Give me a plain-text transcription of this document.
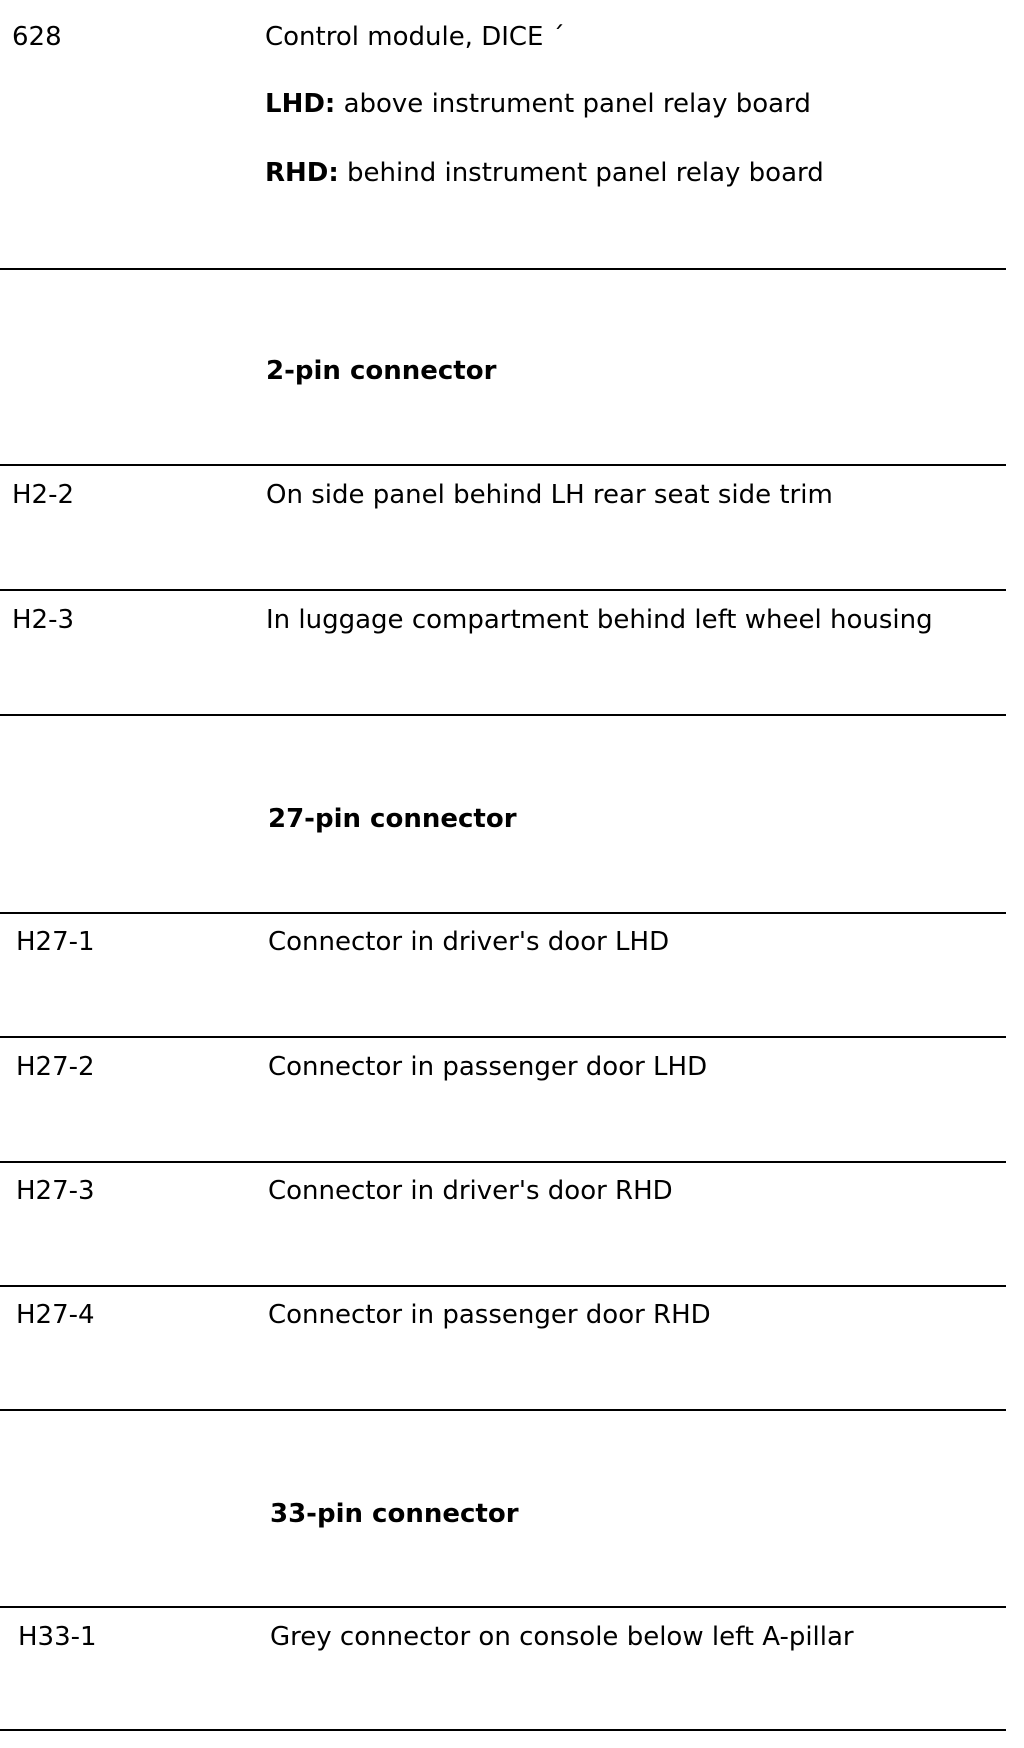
628	Control module, DICE ˊ
LHD: above instrument panel relay board
RHD: behind instrument panel relay board
2-pin connector
H2-2	On side panel behind LH rear seat side trim
H2-3	In luggage compartment behind left wheel housing
27-pin connector
H27-1	Connector in driver's door LHD
H27-2	Connector in passenger door LHD
H27-3	Connector in driver's door RHD
H27-4	Connector in passenger door RHD
33-pin connector
H33-1	Grey connector on console below left A-pillar
